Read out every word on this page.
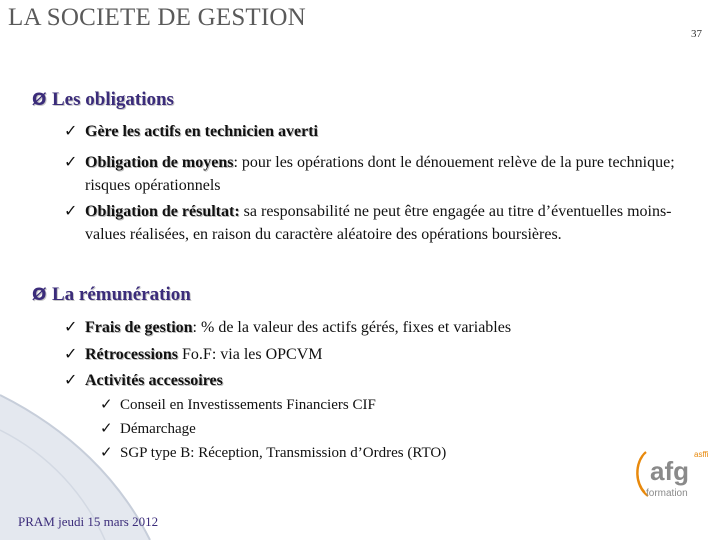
LA SOCIETE DE GESTION
37
Ø Les obligations
✓ Gère les actifs en technicien averti
✓ Obligation de moyens: pour les opérations dont le dénouement relève de la pure technique; risques opérationnels
✓ Obligation de résultat: sa responsabilité ne peut être engagée au titre d’éventuelles moins-values réalisées, en raison du caractère aléatoire des opérations boursières.
Ø La rémunération
✓ Frais de gestion: % de la valeur des actifs gérés, fixes et variables
✓ Rétrocessions Fo.F: via les OPCVM
✓ Activités accessoires
✓ Conseil en Investissements Financiers CIF
✓ Démarchage
✓ SGP type B: Réception, Transmission d’Ordres (RTO)
afg
asffi
formation
PRAM jeudi 15 mars 2012
